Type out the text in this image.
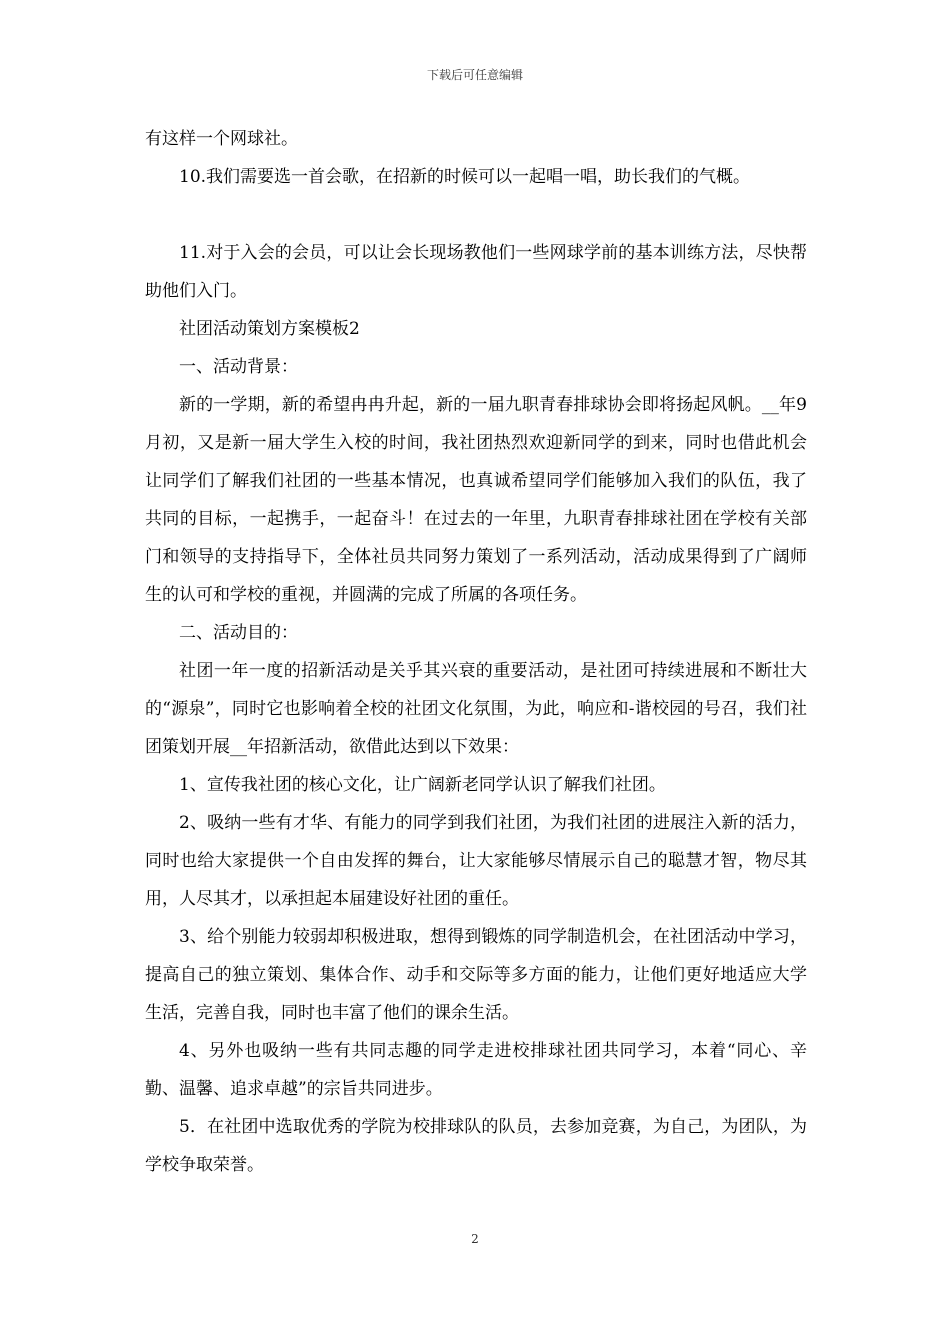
下载后可任意编辑

有这样一个网球社。

10.我们需要选一首会歌，在招新的时候可以一起唱一唱，助长我们的气概。

11.对于入会的会员，可以让会长现场教他们一些网球学前的基本训练方法，尽快帮助他们入门。

社团活动策划方案模板2

一、活动背景：

新的一学期，新的希望冉冉升起，新的一届九职青春排球协会即将扬起风帆。__年9月初，又是新一届大学生入校的时间，我社团热烈欢迎新同学的到来，同时也借此机会让同学们了解我们社团的一些基本情况，也真诚希望同学们能够加入我们的队伍，我了共同的目标，一起携手，一起奋斗！在过去的一年里，九职青春排球社团在学校有关部门和领导的支持指导下，全体社员共同努力策划了一系列活动，活动成果得到了广阔师生的认可和学校的重视，并圆满的完成了所属的各项任务。

二、活动目的：

社团一年一度的招新活动是关乎其兴衰的重要活动，是社团可持续进展和不断壮大的“源泉”，同时它也影响着全校的社团文化氛围，为此，响应和-谐校园的号召，我们社团策划开展__年招新活动，欲借此达到以下效果：

1、宣传我社团的核心文化，让广阔新老同学认识了解我们社团。

2、吸纳一些有才华、有能力的同学到我们社团，为我们社团的进展注入新的活力，同时也给大家提供一个自由发挥的舞台，让大家能够尽情展示自己的聪慧才智，物尽其用，人尽其才，以承担起本届建设好社团的重任。

3、给个别能力较弱却积极进取，想得到锻炼的同学制造机会，在社团活动中学习，提高自己的独立策划、集体合作、动手和交际等多方面的能力，让他们更好地适应大学生活，完善自我，同时也丰富了他们的课余生活。

4、另外也吸纳一些有共同志趣的同学走进校排球社团共同学习，本着“同心、辛勤、温馨、追求卓越”的宗旨共同进步。

5．在社团中选取优秀的学院为校排球队的队员，去参加竞赛，为自己，为团队，为学校争取荣誉。

2
